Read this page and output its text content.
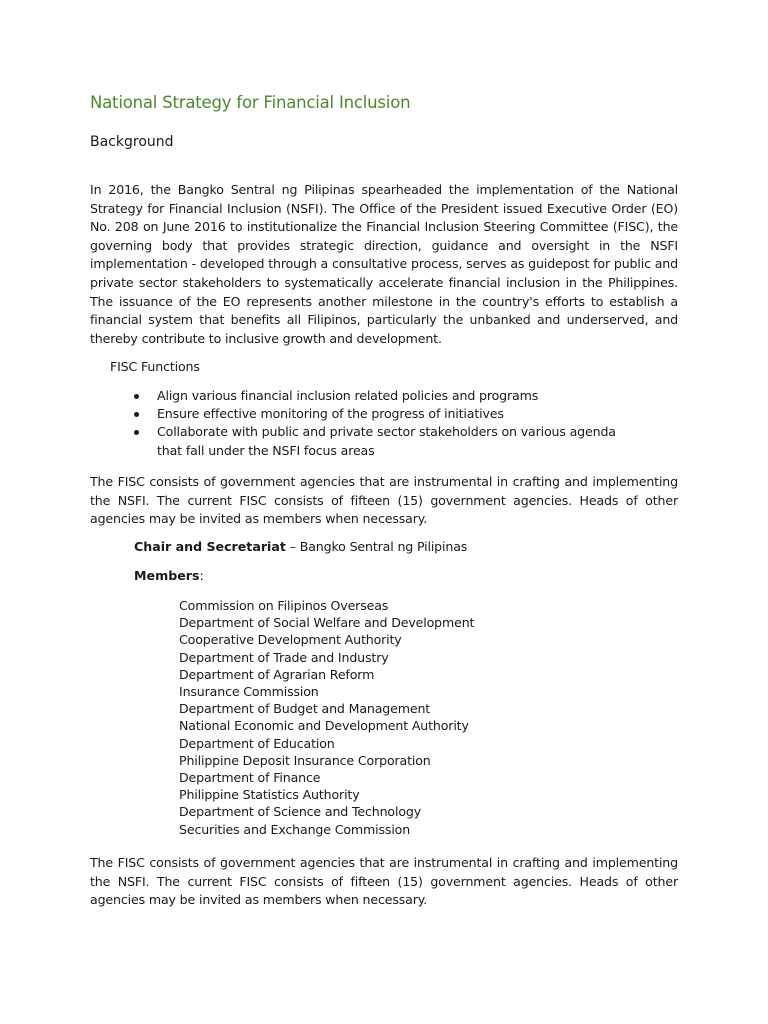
National Strategy for Financial Inclusion
Background

In 2016, the Bangko Sentral ng Pilipinas spearheaded the implementation of the National Strategy for Financial Inclusion (NSFI). The Office of the President issued Executive Order (EO) No. 208 on June 2016 to institutionalize the Financial Inclusion Steering Committee (FISC), the governing body that provides strategic direction, guidance and oversight in the NSFI implementation - developed through a consultative process, serves as guidepost for public and private sector stakeholders to systematically accelerate financial inclusion in the Philippines. The issuance of the EO represents another milestone in the country's efforts to establish a financial system that benefits all Filipinos, particularly the unbanked and underserved, and thereby contribute to inclusive growth and development.

FISC Functions
Align various financial inclusion related policies and programs
Ensure effective monitoring of the progress of initiatives
Collaborate with public and private sector stakeholders on various agenda that fall under the NSFI focus areas

The FISC consists of government agencies that are instrumental in crafting and implementing the NSFI. The current FISC consists of fifteen (15) government agencies. Heads of other agencies may be invited as members when necessary.

Chair and Secretariat – Bangko Sentral ng Pilipinas
Members:
Commission on Filipinos Overseas
Department of Social Welfare and Development
Cooperative Development Authority
Department of Trade and Industry
Department of Agrarian Reform
Insurance Commission
Department of Budget and Management
National Economic and Development Authority
Department of Education
Philippine Deposit Insurance Corporation
Department of Finance
Philippine Statistics Authority
Department of Science and Technology
Securities and Exchange Commission

The FISC consists of government agencies that are instrumental in crafting and implementing the NSFI. The current FISC consists of fifteen (15) government agencies. Heads of other agencies may be invited as members when necessary.
